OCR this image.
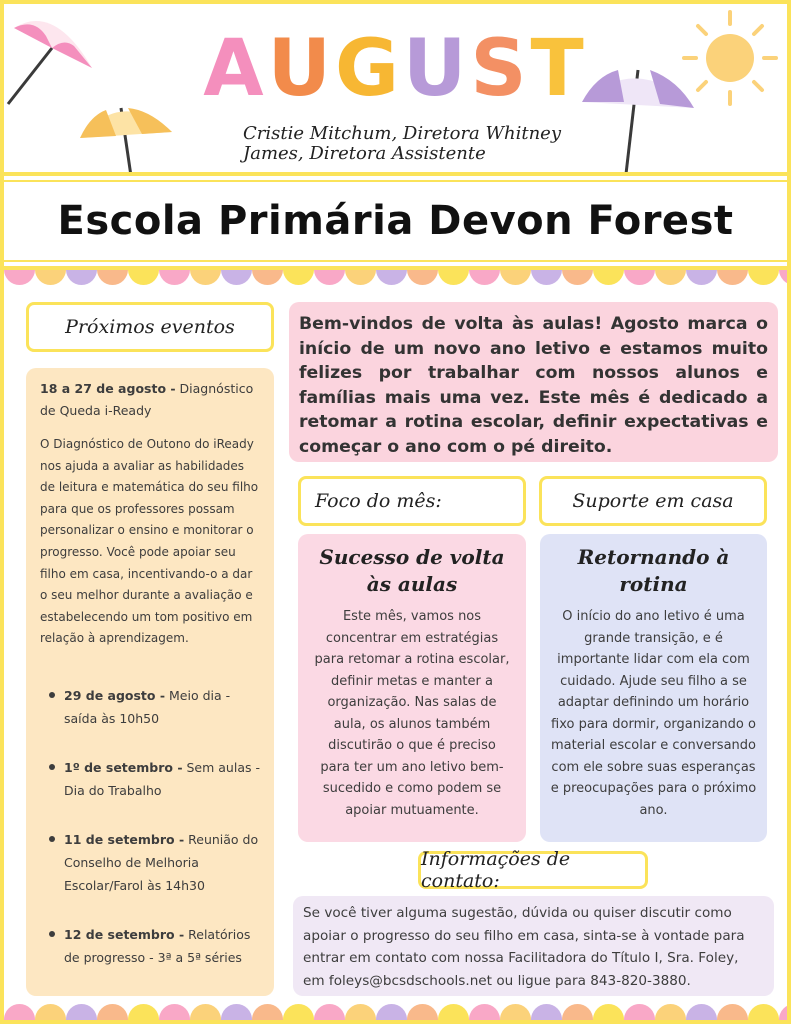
AUGUST
Cristie Mitchum, Diretora Whitney James, Diretora Assistente
Escola Primária Devon Forest
Próximos eventos

18 a 27 de agosto - Diagnóstico de Queda i-Ready

O Diagnóstico de Outono do iReady nos ajuda a avaliar as habilidades de leitura e matemática do seu filho para que os professores possam personalizar o ensino e monitorar o progresso. Você pode apoiar seu filho em casa, incentivando-o a dar o seu melhor durante a avaliação e estabelecendo um tom positivo em relação à aprendizagem.

29 de agosto - Meio dia - saída às 10h50
1º de setembro - Sem aulas - Dia do Trabalho
11 de setembro - Reunião do Conselho de Melhoria Escolar/Farol às 14h30
12 de setembro - Relatórios de progresso - 3ª a 5ª séries
Bem-vindos de volta às aulas! Agosto marca o início de um novo ano letivo e estamos muito felizes por trabalhar com nossos alunos e famílias mais uma vez. Este mês é dedicado a retomar a rotina escolar, definir expectativas e começar o ano com o pé direito.
Foco do mês:
Sucesso de volta às aulas
Este mês, vamos nos concentrar em estratégias para retomar a rotina escolar, definir metas e manter a organização. Nas salas de aula, os alunos também discutirão o que é preciso para ter um ano letivo bem-sucedido e como podem se apoiar mutuamente.
Suporte em casa
Retornando à rotina
O início do ano letivo é uma grande transição, e é importante lidar com ela com cuidado. Ajude seu filho a se adaptar definindo um horário fixo para dormir, organizando o material escolar e conversando com ele sobre suas esperanças e preocupações para o próximo ano.
Informações de contato:
Se você tiver alguma sugestão, dúvida ou quiser discutir como apoiar o progresso do seu filho em casa, sinta-se à vontade para entrar em contato com nossa Facilitadora do Título I, Sra. Foley, em foleys@bcsdschools.net ou ligue para 843-820-3880.
